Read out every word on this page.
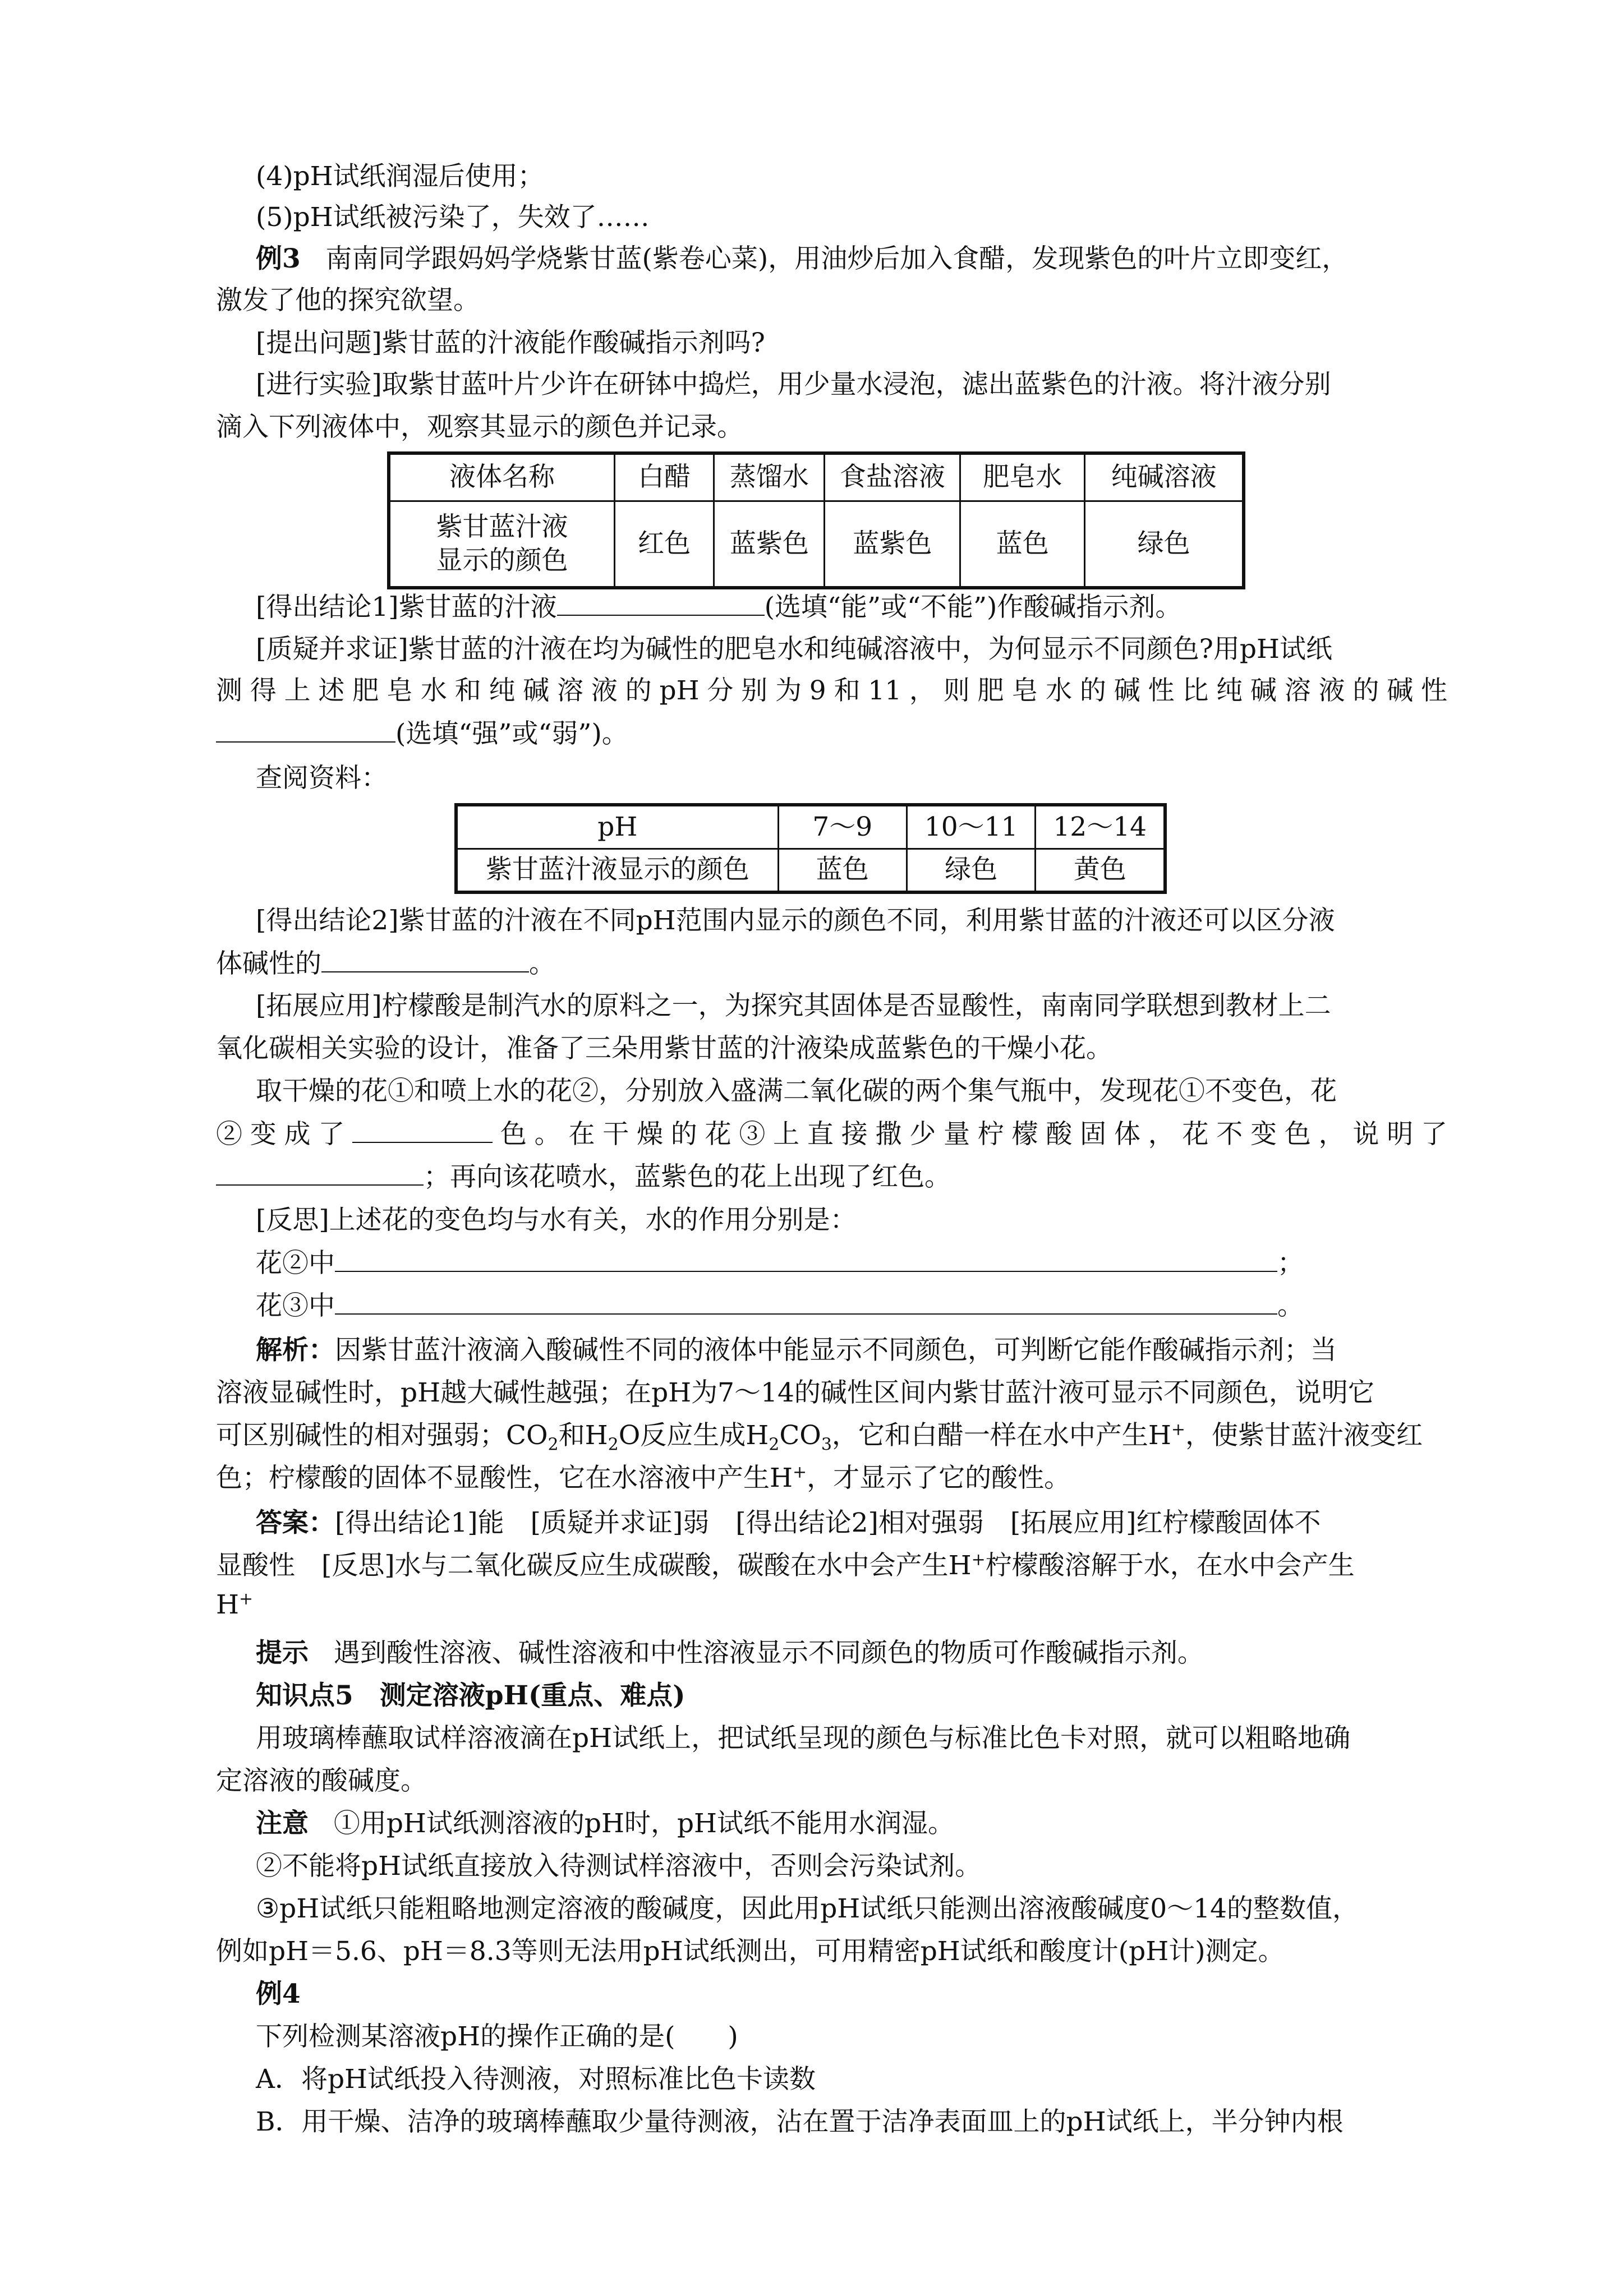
(4)pH试纸润湿后使用；
(5)pH试纸被污染了，失效了……
例3 南南同学跟妈妈学烧紫甘蓝(紫卷心菜)，用油炒后加入食醋，发现紫色的叶片立即变红，
激发了他的探究欲望。
[提出问题]紫甘蓝的汁液能作酸碱指示剂吗?
[进行实验]取紫甘蓝叶片少许在研钵中捣烂，用少量水浸泡，滤出蓝紫色的汁液。将汁液分别
滴入下列液体中，观察其显示的颜色并记录。
液体名称	白醋	蒸馏水	食盐溶液	肥皂水	纯碱溶液

紫甘蓝汁液
显示的颜色	红色	蓝紫色	蓝紫色	蓝色	绿色
[得出结论1]紫甘蓝的汁液	(选填“能”或“不能”)作酸碱指示剂。
[质疑并求证]紫甘蓝的汁液在均为碱性的肥皂水和纯碱溶液中，为何显示不同颜色?用pH试纸
测得上述肥皂水和纯碱溶液的pH分别为9和11，则肥皂水的碱性比纯碱溶液的碱性
(选填“强”或“弱”)。
查阅资料：
pH	7～9	10～11	12～14
紫甘蓝汁液显示的颜色	蓝色	绿色	黄色
[得出结论2]紫甘蓝的汁液在不同pH范围内显示的颜色不同，利用紫甘蓝的汁液还可以区分液
体碱性的	。
[拓展应用]柠檬酸是制汽水的原料之一，为探究其固体是否显酸性，南南同学联想到教材上二
氧化碳相关实验的设计，准备了三朵用紫甘蓝的汁液染成蓝紫色的干燥小花。
取干燥的花①和喷上水的花②，分别放入盛满二氧化碳的两个集气瓶中，发现花①不变色，花
②变成了	色。在干燥的花③上直接撒少量柠檬酸固体，花不变色，说明了
；再向该花喷水，蓝紫色的花上出现了红色。
[反思]上述花的变色均与水有关，水的作用分别是：
花②中	；
花③中	。
解析：因紫甘蓝汁液滴入酸碱性不同的液体中能显示不同颜色，可判断它能作酸碱指示剂；当
溶液显碱性时，pH越大碱性越强；在pH为7～14的碱性区间内紫甘蓝汁液可显示不同颜色，说明它
可区别碱性的相对强弱；$CO_2$和$H_2O$反应生成$H_2CO_3$，它和白醋一样在水中产生H+，使紫甘蓝汁液变红
色；柠檬酸的固体不显酸性，它在水溶液中产生H+，才显示了它的酸性。
答案：[得出结论1]能　[质疑并求证]弱　[得出结论2]相对强弱　[拓展应用]红柠檬酸固体不
显酸性　[反思]水与二氧化碳反应生成碳酸，碳酸在水中会产生H+柠檬酸溶解于水，在水中会产生
H+
提示 遇到酸性溶液、碱性溶液和中性溶液显示不同颜色的物质可作酸碱指示剂。
知识点5　测定溶液pH(重点、难点)
用玻璃棒蘸取试样溶液滴在pH试纸上，把试纸呈现的颜色与标准比色卡对照，就可以粗略地确
定溶液的酸碱度。
注意 ①用pH试纸测溶液的pH时，pH试纸不能用水润湿。
②不能将pH试纸直接放入待测试样溶液中，否则会污染试剂。
③pH试纸只能粗略地测定溶液的酸碱度，因此用pH试纸只能测出溶液酸碱度0～14的整数值，
例如pH＝5.6、pH＝8.3等则无法用pH试纸测出，可用精密pH试纸和酸度计(pH计)测定。
例4
下列检测某溶液pH的操作正确的是(　　)
A．将pH试纸投入待测液，对照标准比色卡读数
B．用干燥、洁净的玻璃棒蘸取少量待测液，沾在置于洁净表面皿上的pH试纸上，半分钟内根
